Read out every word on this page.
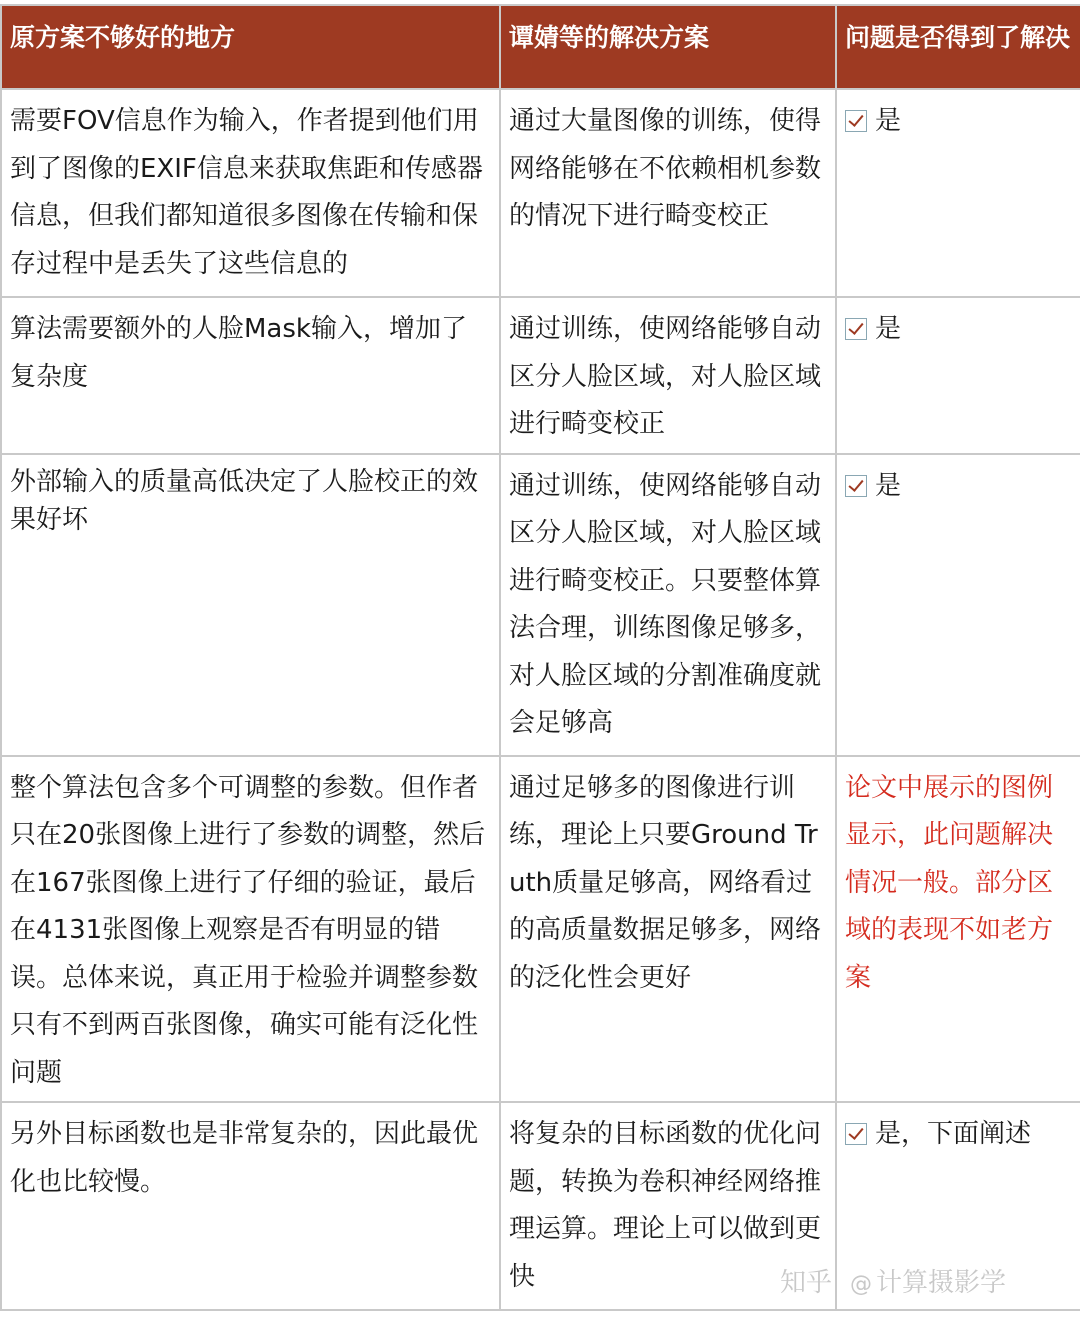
原方案不够好的地方	谭婧等的解决方案	问题是否得到了解决
需要FOV信息作为输入，作者提到他们用到了图像的EXIF信息来获取焦距和传感器信息，但我们都知道很多图像在传输和保存过程中是丢失了这些信息的	通过大量图像的训练，使得网络能够在不依赖相机参数的情况下进行畸变校正	是
算法需要额外的人脸Mask输入，增加了复杂度	通过训练，使网络能够自动区分人脸区域，对人脸区域进行畸变校正	是
外部输入的质量高低决定了人脸校正的效果好坏	通过训练，使网络能够自动区分人脸区域，对人脸区域进行畸变校正。只要整体算法合理，训练图像足够多，对人脸区域的分割准确度就会足够高	是
整个算法包含多个可调整的参数。但作者只在20张图像上进行了参数的调整，然后在167张图像上进行了仔细的验证，最后在4131张图像上观察是否有明显的错误。总体来说，真正用于检验并调整参数只有不到两百张图像，确实可能有泛化性问题	通过足够多的图像进行训练，理论上只要Ground Truth质量足够高，网络看过的高质量数据足够多，网络的泛化性会更好	论文中展示的图例显示，此问题解决情况一般。部分区域的表现不如老方案
另外目标函数也是非常复杂的，因此最优化也比较慢。	将复杂的目标函数的优化问题，转换为卷积神经网络推理运算。理论上可以做到更快	是，下面阐述
知乎 @ 计算摄影学
